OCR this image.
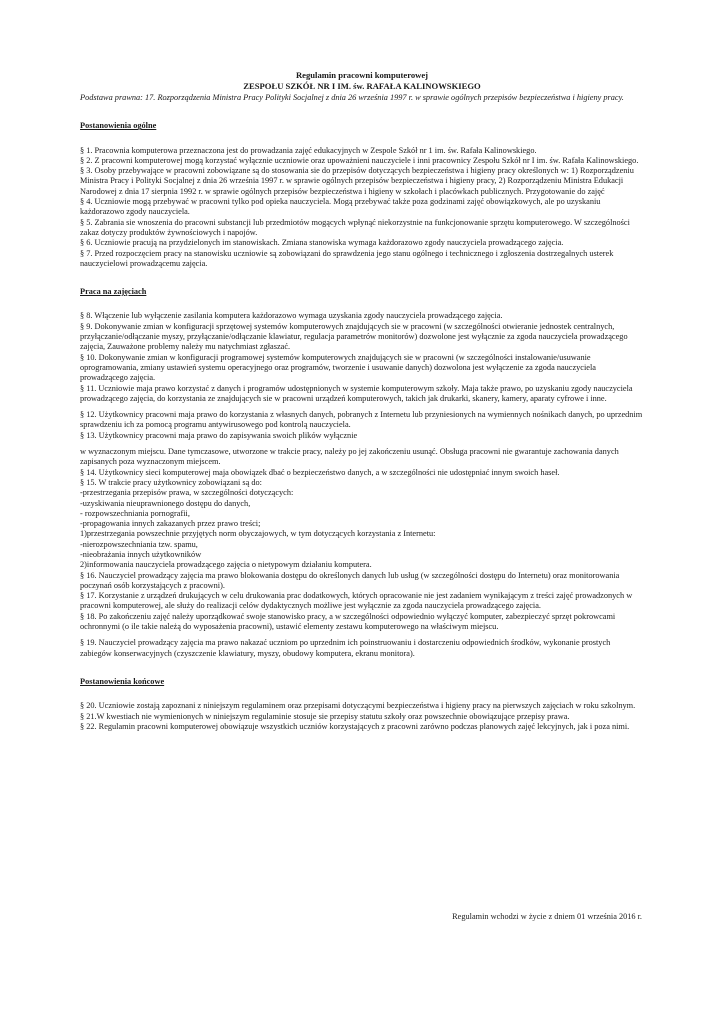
Regulamin pracowni komputerowej
ZESPOŁU SZKÓŁ NR I IM. św. RAFAŁA KALINOWSKIEGO
Podstawa prawna: 17. Rozporządzenia Ministra Pracy Polityki Socjalnej z dnia 26 września 1997 r. w sprawie ogólnych przepisów bezpieczeństwa i higieny pracy.
Postanowienia ogólne

§ 1. Pracownia komputerowa przeznaczona jest do prowadzania zajęć edukacyjnych w Zespole Szkół nr 1 im. św. Rafała Kalinowskiego.

§ 2. Z pracowni komputerowej mogą korzystać wyłącznie uczniowie oraz upoważnieni nauczyciele i inni pracownicy Zespołu Szkół nr I im. św. Rafała Kalinowskiego.

§ 3. Osoby przebywające w pracowni zobowiązane są do stosowania sie do przepisów dotyczących bezpieczeństwa i higieny pracy określonych w: 1) Rozporządzeniu Ministra Pracy i Polityki Socjalnej z dnia 26 września 1997 r. w sprawie ogólnych przepisów bezpieczeństwa i higieny pracy, 2) Rozporządzeniu Ministra Edukacji Narodowej z dnia 17 sierpnia 1992 r. w sprawie ogólnych przepisów bezpieczeństwa i higieny w szkołach i placówkach publicznych. Przygotowanie do zajęć

§ 4. Uczniowie mogą przebywać w pracowni tylko pod opieka nauczyciela. Mogą przebywać także poza godzinami zajęć obowiązkowych, ale po uzyskaniu każdorazowo zgody nauczyciela.

§ 5. Zabrania sie wnoszenia do pracowni substancji lub przedmiotów mogących wpłynąć niekorzystnie na funkcjonowanie sprzętu komputerowego. W szczególności zakaz dotyczy produktów żywnościowych i napojów.

§ 6. Uczniowie pracują na przydzielonych im stanowiskach. Zmiana stanowiska wymaga każdorazowo zgody nauczyciela prowadzącego zajęcia.

§ 7. Przed rozpoczęciem pracy na stanowisku uczniowie są zobowiązani do sprawdzenia jego stanu ogólnego i technicznego i zgłoszenia dostrzegalnych usterek nauczycielowi prowadzącemu zajęcia.

Praca na zajęciach

§ 8. Włączenie lub wyłączenie zasilania komputera każdorazowo wymaga uzyskania zgody nauczyciela prowadzącego zajęcia.

§ 9. Dokonywanie zmian w konfiguracji sprzętowej systemów komputerowych znajdujących sie w pracowni (w szczególności otwieranie jednostek centralnych, przyłączanie/odłączanie myszy, przyłączanie/odłączanie klawiatur, regulacja parametrów monitorów) dozwolone jest wyłącznie za zgoda nauczyciela prowadzącego zajęcia, Zauważone problemy należy mu natychmiast zgłaszać.

§ 10. Dokonywanie zmian w konfiguracji programowej systemów komputerowych znajdujących sie w pracowni (w szczególności instalowanie/usuwanie oprogramowania, zmiany ustawień systemu operacyjnego oraz programów, tworzenie i usuwanie danych) dozwolona jest wyłączenie za zgoda nauczyciela prowadzącego zajęcia.

§ 11. Uczniowie maja prawo korzystać z danych i programów udostępnionych w systemie komputerowym szkoły. Maja także prawo, po uzyskaniu zgody nauczyciela prowadzącego zajęcia, do korzystania ze znajdujących sie w pracowni urządzeń komputerowych, takich jak drukarki, skanery, kamery, aparaty cyfrowe i inne.

§ 12. Użytkownicy pracowni maja prawo do korzystania z własnych danych, pobranych z Internetu lub przyniesionych na wymiennych nośnikach danych, po uprzednim sprawdzeniu ich za pomocą programu antywirusowego pod kontrolą nauczyciela.

§ 13. Użytkownicy pracowni maja prawo do zapisywania swoich plików wyłącznie

w wyznaczonym miejscu. Dane tymczasowe, utworzone w trakcie pracy, należy po jej zakończeniu usunąć. Obsługa pracowni nie gwarantuje zachowania danych zapisanych poza wyznaczonym miejscem.

§ 14. Użytkownicy sieci komputerowej maja obowiązek dbać o bezpieczeństwo danych, a w szczególności nie udostępniać innym swoich haseł.

§ 15. W trakcie pracy użytkownicy zobowiązani są do:

-przestrzegania przepisów prawa, w szczególności dotyczących:

-uzyskiwania nieuprawnionego dostępu do danych,

- rozpowszechniania pornografii,

-propagowania innych zakazanych przez prawo treści;

1)przestrzegania powszechnie przyjętych norm obyczajowych, w tym dotyczących korzystania z Internetu:

-nierozpowszechniania tzw. spamu,

-nieobrażania innych użytkowników

2)informowania nauczyciela prowadzącego zajęcia o nietypowym działaniu komputera.

§ 16. Nauczyciel prowadzący zajęcia ma prawo blokowania dostępu do określonych danych lub usług (w szczególności dostępu do Internetu) oraz monitorowania poczynań osób korzystających z pracowni).

§ 17. Korzystanie z urządzeń drukujących w celu drukowania prac dodatkowych, których opracowanie nie jest zadaniem wynikającym z treści zajęć prowadzonych w pracowni komputerowej, ale służy do realizacji celów dydaktycznych możliwe jest wyłącznie za zgoda nauczyciela prowadzącego zajęcia.

§ 18. Po zakończeniu zajęć należy uporządkować swoje stanowisko pracy, a w szczególności odpowiednio wyłączyć komputer, zabezpieczyć sprzęt pokrowcami ochronnymi (o ile takie należą do wyposażenia pracowni), ustawić elementy zestawu komputerowego na właściwym miejscu.

§ 19. Nauczyciel prowadzący zajęcia ma prawo nakazać uczniom po uprzednim ich poinstruowaniu i dostarczeniu odpowiednich środków, wykonanie prostych zabiegów konserwacyjnych (czyszczenie klawiatury, myszy, obudowy komputera, ekranu monitora).

Postanowienia końcowe

§ 20. Uczniowie zostają zapoznani z niniejszym regulaminem oraz przepisami dotyczącymi bezpieczeństwa i higieny pracy na pierwszych zajęciach w roku szkolnym.

§ 21.W kwestiach nie wymienionych w niniejszym regulaminie stosuje sie przepisy statutu szkoły oraz powszechnie obowiązujące przepisy prawa.

§ 22. Regulamin pracowni komputerowej obowiązuje wszystkich uczniów korzystających z pracowni zarówno podczas planowych zajęć lekcyjnych, jak i poza nimi.

Regulamin wchodzi w życie z dniem 01 września 2016 r.
